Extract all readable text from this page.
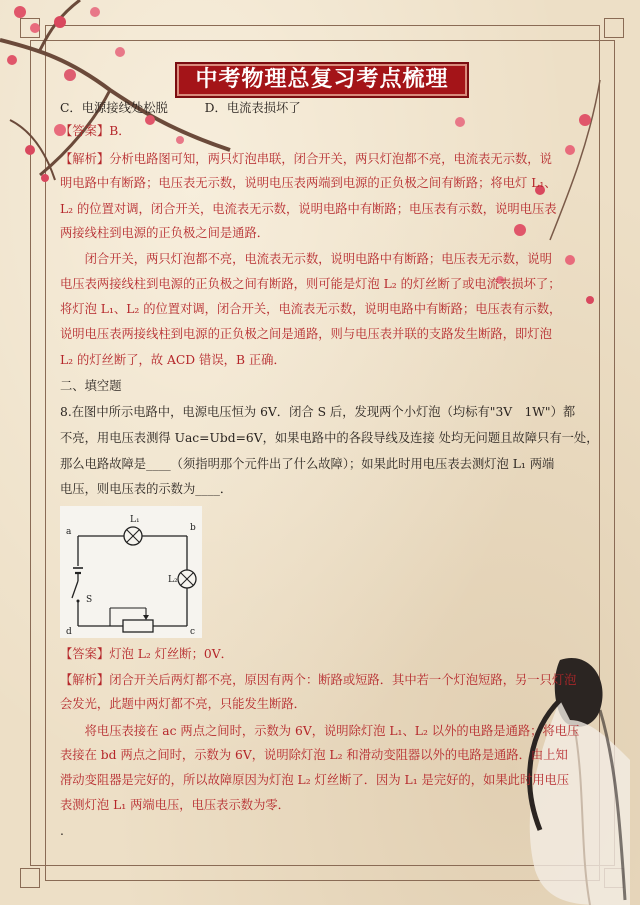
中考物理总复习考点梳理
C．电源接线处松脱　　　D．电流表损坏了
【答案】B．
【解析】分析电路图可知，两只灯泡串联，闭合开关，两只灯泡都不亮，电流表无示数，说
明电路中有断路；电压表无示数，说明电压表两端到电源的正负极之间有断路；将电灯 L₁、
L₂ 的位置对调，闭合开关，电流表无示数，说明电路中有断路；电压表有示数，说明电压表
两接线柱到电源的正负极之间是通路．
　　闭合开关，两只灯泡都不亮，电流表无示数，说明电路中有断路；电压表无示数，说明
电压表两接线柱到电源的正负极之间有断路，则可能是灯泡 L₂ 的灯丝断了或电流表损坏了；
将灯泡 L₁、L₂ 的位置对调，闭合开关，电流表无示数，说明电路中有断路；电压表有示数，
说明电压表两接线柱到电源的正负极之间是通路，则与电压表并联的支路发生断路，即灯泡
L₂ 的灯丝断了，故 ACD 错误，B 正确．
二、填空题
8.在图中所示电路中，电源电压恒为 6V．闭合 S 后，发现两个小灯泡（均标有"3V　1W"）都
不亮，用电压表测得 Uac=Ubd=6V，如果电路中的各段导线及连接 处均无问题且故障只有一处，
那么电路故障是____（须指明那个元件出了什么故障）；如果此时用电压表去测灯泡 L₁ 两端
电压，则电压表的示数为____．
a	b
c
d
L₁
L₂
S
【答案】灯泡 L₂ 灯丝断；0V．
【解析】闭合开关后两灯都不亮，原因有两个：断路或短路．其中若一个灯泡短路，另一只灯泡
会发光，此题中两灯都不亮，只能发生断路．
　　将电压表接在 ac 两点之间时，示数为 6V，说明除灯泡 L₁、L₂ 以外的电路是通路；将电压
表接在 bd 两点之间时，示数为 6V，说明除灯泡 L₂ 和滑动变阻器以外的电路是通路．由上知
滑动变阻器是完好的，所以故障原因为灯泡 L₂ 灯丝断了．因为 L₁ 是完好的，如果此时用电压
表测灯泡 L₁ 两端电压，电压表示数为零．
.
